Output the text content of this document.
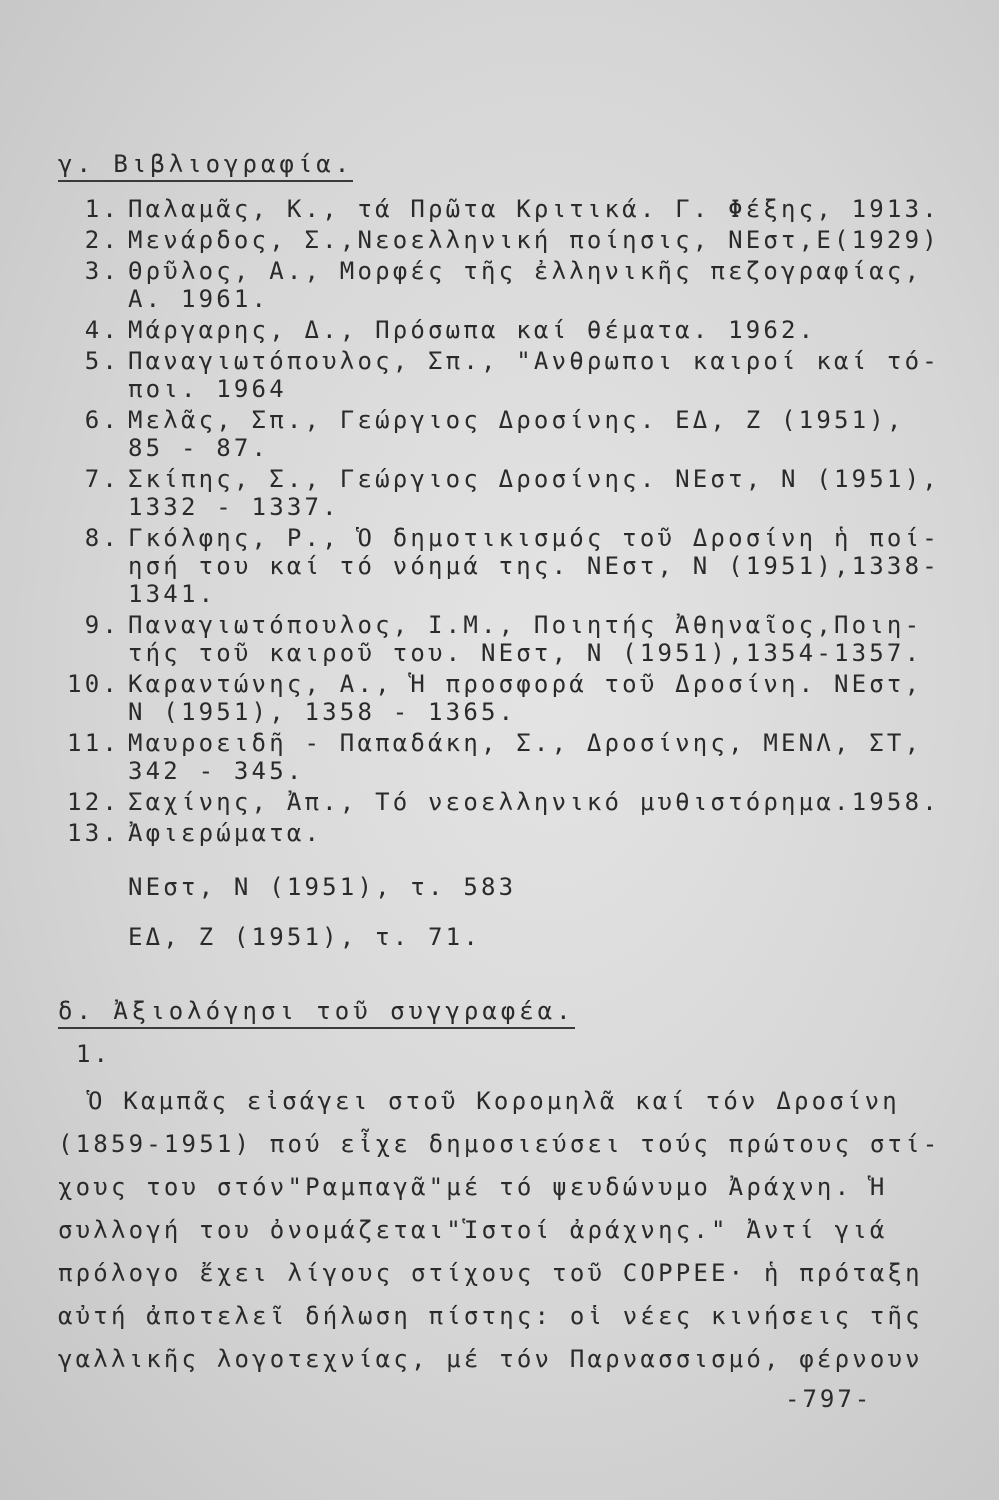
γ. Βιβλιογραφία.
1. Παλαμᾶς, Κ., τά Πρῶτα Κριτικά. Γ. Φέξης, 1913.
2. Μενάρδος, Σ.,Νεοελληνική ποίησις, ΝΕστ,Ε(1929)
3. Θρῦλος, Α., Μορφές τῆς ἐλληνικῆς πεζογραφίας,
Α. 1961.
4. Μάργαρης, Δ., Πρόσωπα καί θέματα. 1962.
5. Παναγιωτόπουλος, Σπ., "Ανθρωποι καιροί καί τό-
ποι. 1964
6. Μελᾶς, Σπ., Γεώργιος Δροσίνης. ΕΔ, Ζ (1951),
85 - 87.
7. Σκίπης, Σ., Γεώργιος Δροσίνης. ΝΕστ, Ν (1951),
1332 - 1337.
8. Γκόλφης, Ρ., Ὁ δημοτικισμός τοῦ Δροσίνη ἡ ποί-
ησή του καί τό νόημά της. ΝΕστ, Ν (1951),1338-
1341.
9. Παναγιωτόπουλος, Ι.Μ., Ποιητής Ἀθηναῖος,Ποιη-
τής τοῦ καιροῦ του. ΝΕστ, Ν (1951),1354-1357.
10. Καραντώνης, Α., Ἡ προσφορά τοῦ Δροσίνη. ΝΕστ,
Ν (1951), 1358 - 1365.
11. Μαυροειδῆ - Παπαδάκη, Σ., Δροσίνης, ΜΕΝΛ, ΣΤ,
342 - 345.
12. Σαχίνης, Ἀπ., Τό νεοελληνικό μυθιστόρημα.1958.
13. Ἀφιερώματα.
ΝΕστ, Ν (1951), τ. 583
ΕΔ, Ζ (1951), τ. 71.
δ. Ἀξιολόγησι τοῦ συγγραφέα.
1.
Ὁ Καμπᾶς εἰσάγει στοῦ Κορομηλᾶ καί τόν Δροσίνη
(1859-1951) πού εἶχε δημοσιεύσει τούς πρώτους στί-
χους του στόν"Ραμπαγᾶ"μέ τό ψευδώνυμο Ἀράχνη. Ἡ
συλλογή του ὀνομάζεται"Ἱστοί ἀράχνης." Ἀντί γιά
πρόλογο ἔχει λίγους στίχους τοῦ COPPEE· ἡ πρόταξη
αὐτή ἀποτελεῖ δήλωση πίστης: οἱ νέες κινήσεις τῆς
γαλλικῆς λογοτεχνίας, μέ τόν Παρνασσισμό, φέρνουν
-797-
